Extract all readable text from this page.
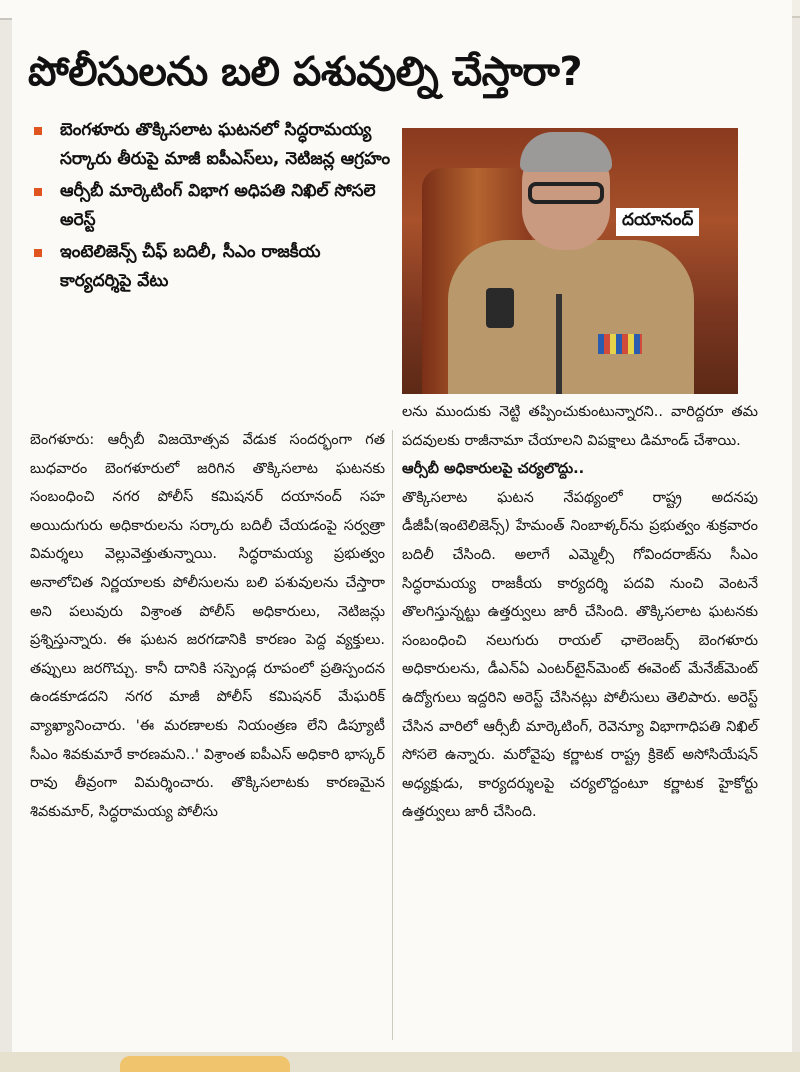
పోలీసులను బలి పశువుల్ని చేస్తారా?
బెంగళూరు తొక్కిసలాట ఘటనలో సిద్ధరామయ్య సర్కారు తీరుపై మాజీ ఐపీఎస్‌లు, నెటిజన్ల ఆగ్రహం
ఆర్సీబీ మార్కెటింగ్ విభాగ అధిపతి నిఖిల్ సోసలె అరెస్ట్
ఇంటెలిజెన్స్ చీఫ్ బదిలీ, సీఎం రాజకీయ కార్యదర్శిపై వేటు
దయానంద్
బెంగళూరు: ఆర్సీబీ విజయోత్సవ వేడుక సందర్భంగా గత బుధవారం బెంగళూరులో జరిగిన తొక్కిసలాట ఘటనకు సంబంధించి నగర పోలీస్ కమిషనర్ దయానంద్ సహ అయిదుగురు అధికారులను సర్కారు బదిలీ చేయడంపై సర్వత్రా విమర్శలు వెల్లువెత్తుతున్నాయి. సిద్ధరామయ్య ప్రభుత్వం అనాలోచిత నిర్ణయాలకు పోలీసులను బలి పశువులను చేస్తారా అని పలువురు విశ్రాంత పోలీస్ అధికారులు, నెటిజన్లు ప్రశ్నిస్తున్నారు. ఈ ఘటన జరగడానికి కారణం పెద్ద వ్యక్తులు. తప్పులు జరగొచ్చు. కానీ దానికి సస్పెండ్ల రూపంలో ప్రతిస్పందన ఉండకూడదని నగర మాజీ పోలీస్ కమిషనర్ మేఘరిక్ వ్యాఖ్యానించారు. 'ఈ మరణాలకు నియంత్రణ లేని డిప్యూటీ సీఎం శివకుమారే కారణమని..' విశ్రాంత ఐపీఎస్ అధికారి భాస్కర్ రావు తీవ్రంగా విమర్శించారు. తొక్కిసలాటకు కారణమైన శివకుమార్, సిద్ధరామయ్య పోలీసు
లను ముందుకు నెట్టి తప్పించుకుంటున్నారని.. వారిద్దరూ తమ పదవులకు రాజీనామా చేయాలని విపక్షాలు డిమాండ్ చేశాయి.
ఆర్సీబీ అధికారులపై చర్యలొద్దు..
తొక్కిసలాట ఘటన నేపథ్యంలో రాష్ట్ర అదనపు డీజీపీ(ఇంటెలిజెన్స్) హేమంత్ నింబాళ్కర్‌ను ప్రభుత్వం శుక్రవారం బదిలీ చేసింది. అలాగే ఎమ్మెల్సీ గోవిందరాజ్‌ను సీఎం సిద్ధరామయ్య రాజకీయ కార్యదర్శి పదవి నుంచి వెంటనే తొలగిస్తున్నట్టు ఉత్తర్వులు జారీ చేసింది. తొక్కిసలాట ఘటనకు సంబంధించి నలుగురు రాయల్ ఛాలెంజర్స్ బెంగళూరు అధికారులను, డీఎన్ఏ ఎంటర్‌టైన్‌మెంట్ ఈవెంట్ మేనేజ్‌మెంట్ ఉద్యోగులు ఇద్దరిని అరెస్ట్ చేసినట్లు పోలీసులు తెలిపారు. అరెస్ట్ చేసిన వారిలో ఆర్సీబీ మార్కెటింగ్, రెవెన్యూ విభాగాధిపతి నిఖిల్ సోసలె ఉన్నారు. మరోవైపు కర్ణాటక రాష్ట్ర క్రికెట్ అసోసియేషన్ అధ్యక్షుడు, కార్యదర్శులపై చర్యలొద్దంటూ కర్ణాటక హైకోర్టు ఉత్తర్వులు జారీ చేసింది.
